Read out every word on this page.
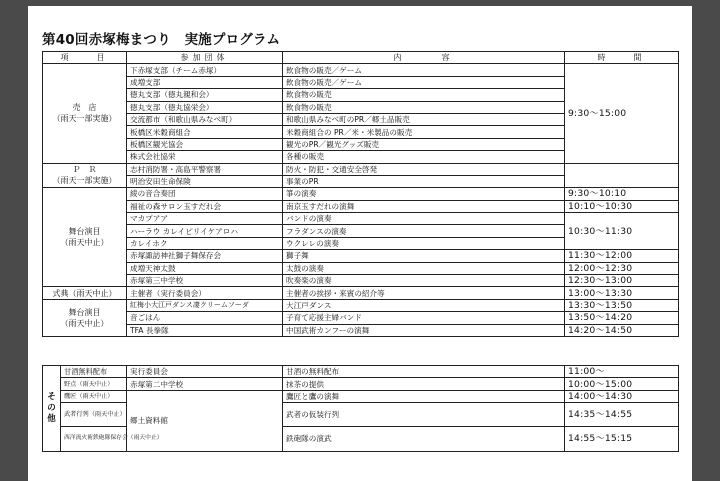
第40回赤塚梅まつり　実施プログラム
項　　目	参加団体	内　　　容	時　　間

売　店
（雨天一部実施）	下赤塚支部（チーム赤塚）	飲食物の販売／ゲーム	9:30～15:00
	成増支部	飲食物の販売／ゲーム	
	徳丸支部（徳丸親和会）	飲食物の販売	
	徳丸支部（徳丸協栄会）	飲食物の販売	
	交流都市（和歌山県みなべ町）	和歌山県みなべ町のPR／郷土品販売	
	板橋区米穀商組合	米穀商組合の PR／米・米製品の販売	
	板橋区観光協会	観光のPR／観光グッズ販売	
	株式会社協栄	各種の販売	

Ｐ　Ｒ
（雨天一部実施）	志村消防署・高島平警察署	防火・防犯・交通安全啓発	
	明治安田生命保険	事業のPR	

舞台演目
（雨天中止）	綾の音合奏団	箏の演奏	9:30～10:10
	福祉の森サロン玉すだれ会	南京玉すだれの演舞	10:10～10:30
	マカプアア	バンドの演奏	10:30～11:30
	ハーラウ カレイピリイケアロハ	フラダンスの演奏	
	カレイホク	ウクレレの演奏	
	赤塚諏訪神社獅子舞保存会	獅子舞	11:30～12:00
	成増天神太鼓	太鼓の演奏	12:00～12:30
	赤塚第三中学校	吹奏楽の演奏	12:30～13:00
式典（雨天中止）	主催者（実行委員会）	主催者の挨拶・来賓の紹介等	13:00～13:30

舞台演目
（雨天中止）	紅梅小大江戸ダンス凄クリームソーダ	大江戸ダンス	13:30～13:50
	音ごはん	子育て応援主婦バンド	13:50～14:20
	TFA 長拳隊	中国武術カンフーの演舞	14:20～14:50
そ
の
他	甘酒無料配布	実行委員会	甘酒の無料配布	11:00～
	野点（雨天中止）	赤塚第二中学校	抹茶の提供	10:00～15:00
	鷹匠（雨天中止）	郷土資料館	鷹匠と鷹の演舞	14:00～14:30
	武者行列（雨天中止）		武者の仮装行列	14:35～14:55
	西洋流火術鉄砲隊保存会（雨天中止）		鉄砲隊の演武	14:55～15:15
